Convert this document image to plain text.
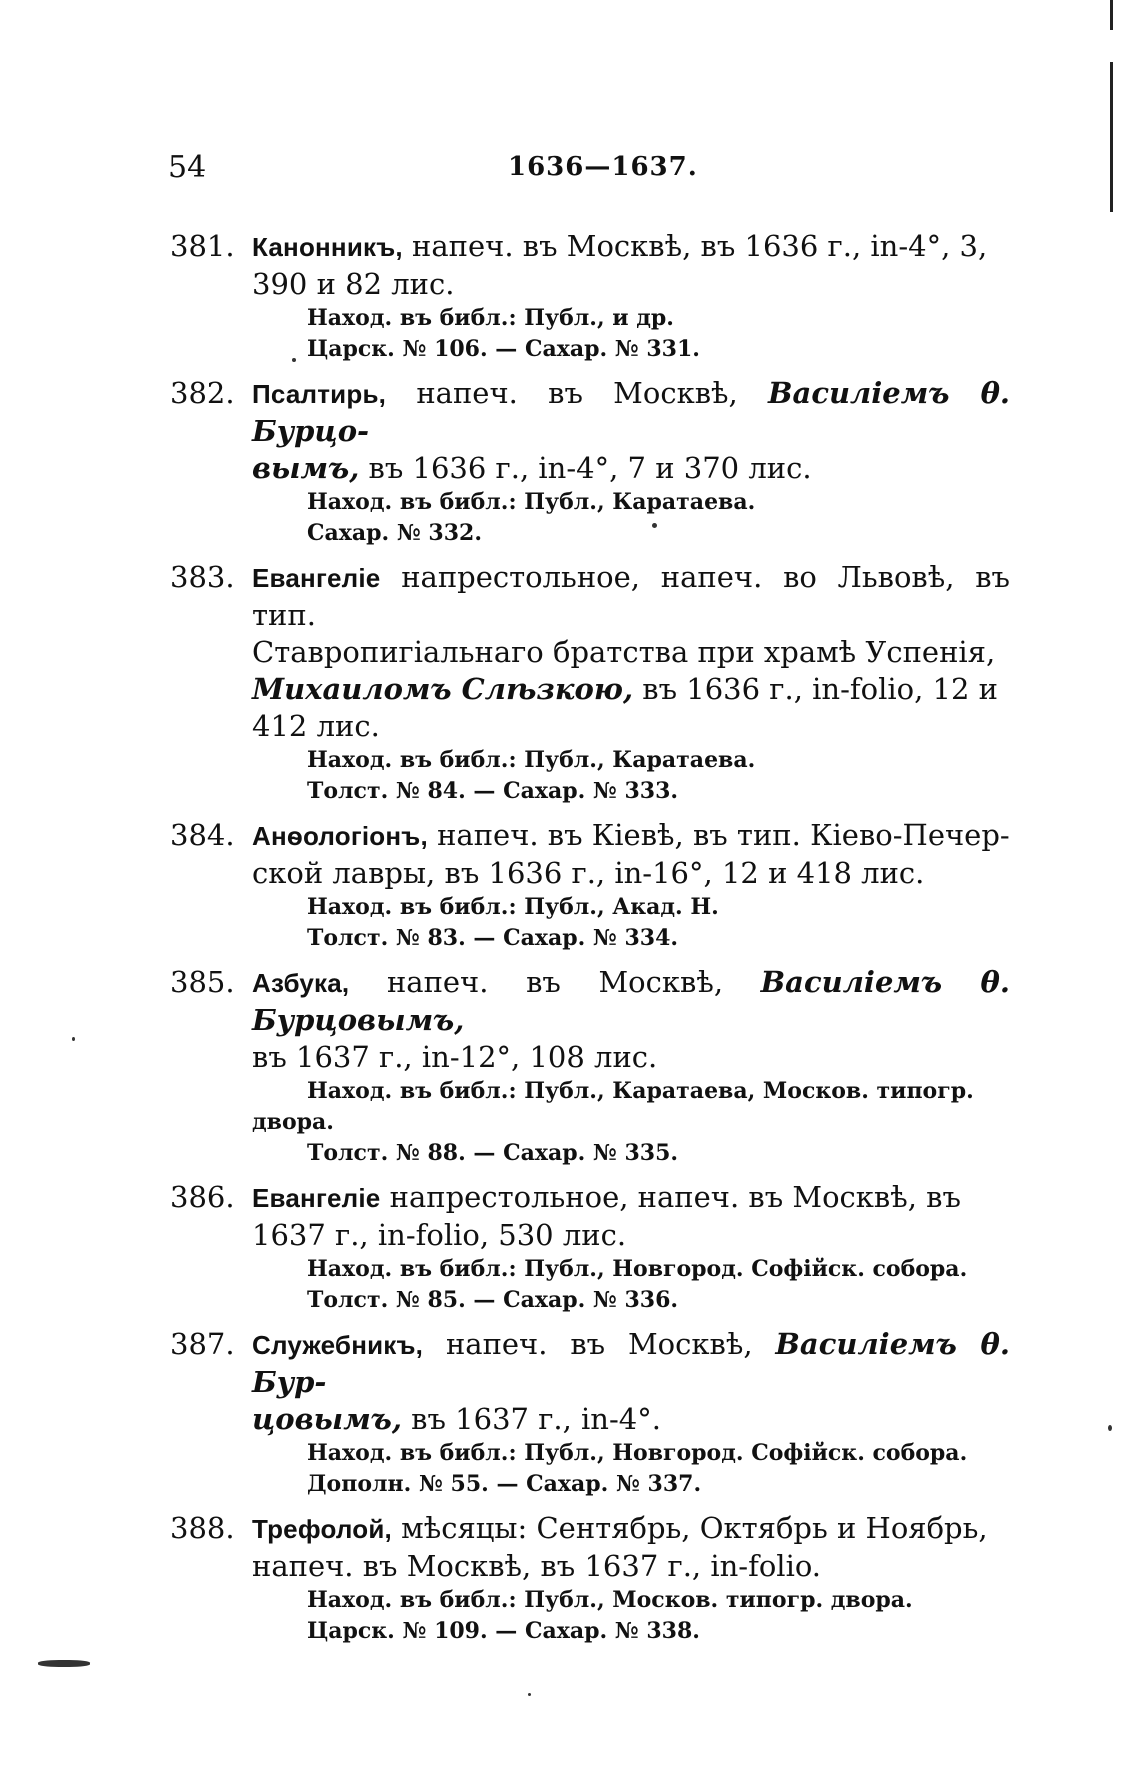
54	1636—1637.
381. Канонникъ, напеч. въ Москвѣ, въ 1636 г., in-4°, 3,
390 и 82 лис.
Наход. въ библ.: Публ., и др.
Царск. № 106. — Сахар. № 331.
382. Псалтирь, напеч. въ Москвѣ, Василіемъ θ. Бурцо-
вымъ, въ 1636 г., in-4°, 7 и 370 лис.
Наход. въ библ.: Публ., Каратаева.
Сахар. № 332.
383. Евангеліе напрестольное, напеч. во Львовѣ, въ тип.
Ставропигіальнаго братства при храмѣ Успенія,
Михаиломъ Слѣзкою, въ 1636 г., in-folio, 12 и
412 лис.
Наход. въ библ.: Публ., Каратаева.
Толст. № 84. — Сахар. № 333.
384. Анѳологіонъ, напеч. въ Кіевѣ, въ тип. Кіево-Печер-
ской лавры, въ 1636 г., in-16°, 12 и 418 лис.
Наход. въ библ.: Публ., Акад. Н.
Толст. № 83. — Сахар. № 334.
385. Азбука, напеч. въ Москвѣ, Василіемъ θ. Бурцовымъ,
въ 1637 г., in-12°, 108 лис.
Наход. въ библ.: Публ., Каратаева, Москов. типогр.
двора.
Толст. № 88. — Сахар. № 335.
386. Евангеліе напрестольное, напеч. въ Москвѣ, въ
1637 г., in-folio, 530 лис.
Наход. въ библ.: Публ., Новгород. Софійск. собора.
Толст. № 85. — Сахар. № 336.
387. Служебникъ, напеч. въ Москвѣ, Василіемъ θ. Бур-
цовымъ, въ 1637 г., in-4°.
Наход. въ библ.: Публ., Новгород. Софійск. собора.
Дополн. № 55. — Сахар. № 337.
388. Трефолой, мѣсяцы: Сентябрь, Октябрь и Ноябрь,
напеч. въ Москвѣ, въ 1637 г., in-folio.
Наход. въ библ.: Публ., Москов. типогр. двора.
Царск. № 109. — Сахар. № 338.
